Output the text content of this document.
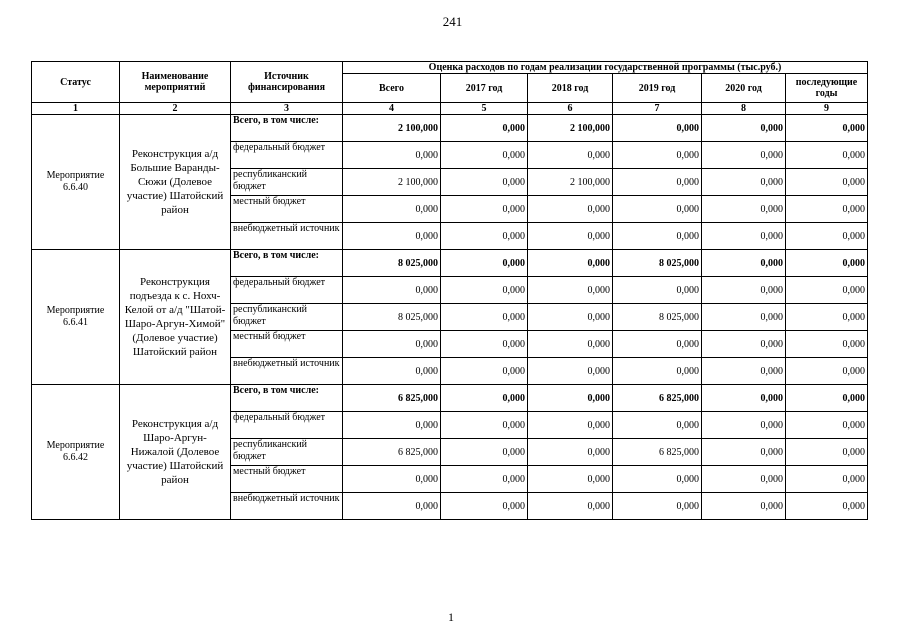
241
Статус	Наименование мероприятий	Источник финансирования	Оценка расходов по годам реализации государственной программы (тыс.руб.)					
			Всего	2017 год	2018 год	2019 год	2020 год	последующие годы
1	2	3	4	5	6	7	8	9
Мероприятие 6.6.40	Реконструкция а/д Большие Варанды-Сюжи (Долевое участие) Шатойский район	Всего, в том числе:	2 100,000	0,000	2 100,000	0,000	0,000	0,000
		федеральный бюджет	0,000	0,000	0,000	0,000	0,000	0,000
		республиканский бюджет	2 100,000	0,000	2 100,000	0,000	0,000	0,000
		местный бюджет	0,000	0,000	0,000	0,000	0,000	0,000
		внебюджетный источник	0,000	0,000	0,000	0,000	0,000	0,000
Мероприятие 6.6.41	Реконструкция подъезда к с. Нохч-Келой от а/д "Шатой-Шаро-Аргун-Химой" (Долевое участие) Шатойский район	Всего, в том числе:	8 025,000	0,000	0,000	8 025,000	0,000	0,000
		федеральный бюджет	0,000	0,000	0,000	0,000	0,000	0,000
		республиканский бюджет	8 025,000	0,000	0,000	8 025,000	0,000	0,000
		местный бюджет	0,000	0,000	0,000	0,000	0,000	0,000
		внебюджетный источник	0,000	0,000	0,000	0,000	0,000	0,000
Мероприятие 6.6.42	Реконструкция а/д Шаро-Аргун-Нижалой (Долевое участие) Шатойский район	Всего, в том числе:	6 825,000	0,000	0,000	6 825,000	0,000	0,000
		федеральный бюджет	0,000	0,000	0,000	0,000	0,000	0,000
		республиканский бюджет	6 825,000	0,000	0,000	6 825,000	0,000	0,000
		местный бюджет	0,000	0,000	0,000	0,000	0,000	0,000
		внебюджетный источник	0,000	0,000	0,000	0,000	0,000	0,000
1
